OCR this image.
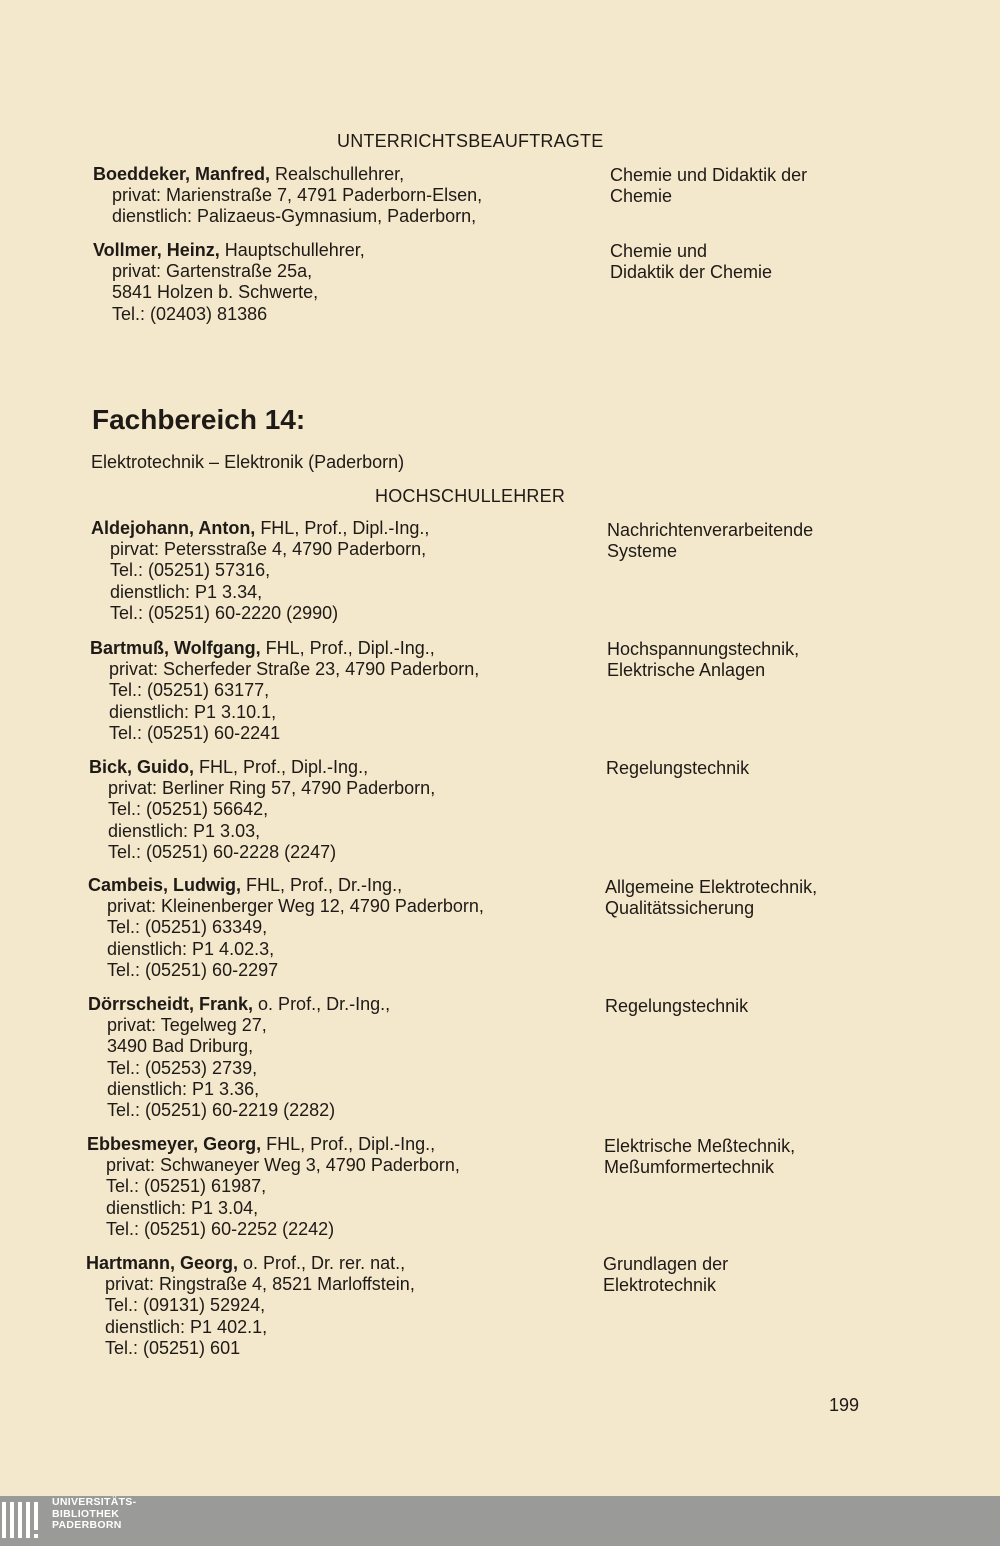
UNTERRICHTSBEAUFTRAGTE
Boeddeker, Manfred, Realschullehrer,
privat: Marienstraße 7, 4791 Paderborn-Elsen,
dienstlich: Palizaeus-Gymnasium, Paderborn,
Chemie und Didaktik der
Chemie
Vollmer, Heinz, Hauptschullehrer,
privat: Gartenstraße 25a,
5841 Holzen b. Schwerte,
Tel.: (02403) 81386
Chemie und
Didaktik der Chemie
Fachbereich 14:
Elektrotechnik – Elektronik (Paderborn)
HOCHSCHULLEHRER
Aldejohann, Anton, FHL, Prof., Dipl.-Ing.,
pirvat: Petersstraße 4, 4790 Paderborn,
Tel.: (05251) 57316,
dienstlich: P1 3.34,
Tel.: (05251) 60-2220 (2990)
Nachrichtenverarbeitende
Systeme
Bartmuß, Wolfgang, FHL, Prof., Dipl.-Ing.,
privat: Scherfeder Straße 23, 4790 Paderborn,
Tel.: (05251) 63177,
dienstlich: P1 3.10.1,
Tel.: (05251) 60-2241
Hochspannungstechnik,
Elektrische Anlagen
Bick, Guido, FHL, Prof., Dipl.-Ing.,
privat: Berliner Ring 57, 4790 Paderborn,
Tel.: (05251) 56642,
dienstlich: P1 3.03,
Tel.: (05251) 60-2228 (2247)
Regelungstechnik
Cambeis, Ludwig, FHL, Prof., Dr.-Ing.,
privat: Kleinenberger Weg 12, 4790 Paderborn,
Tel.: (05251) 63349,
dienstlich: P1 4.02.3,
Tel.: (05251) 60-2297
Allgemeine Elektrotechnik,
Qualitätssicherung
Dörrscheidt, Frank, o. Prof., Dr.-Ing.,
privat: Tegelweg 27,
3490 Bad Driburg,
Tel.: (05253) 2739,
dienstlich: P1 3.36,
Tel.: (05251) 60-2219 (2282)
Regelungstechnik
Ebbesmeyer, Georg, FHL, Prof., Dipl.-Ing.,
privat: Schwaneyer Weg 3, 4790 Paderborn,
Tel.: (05251) 61987,
dienstlich: P1 3.04,
Tel.: (05251) 60-2252 (2242)
Elektrische Meßtechnik,
Meßumformertechnik
Hartmann, Georg, o. Prof., Dr. rer. nat.,
privat: Ringstraße 4, 8521 Marloffstein,
Tel.: (09131) 52924,
dienstlich: P1 402.1,
Tel.: (05251) 601
Grundlagen der
Elektrotechnik
199
UNIVERSITÄTS-
BIBLIOTHEK
PADERBORN
